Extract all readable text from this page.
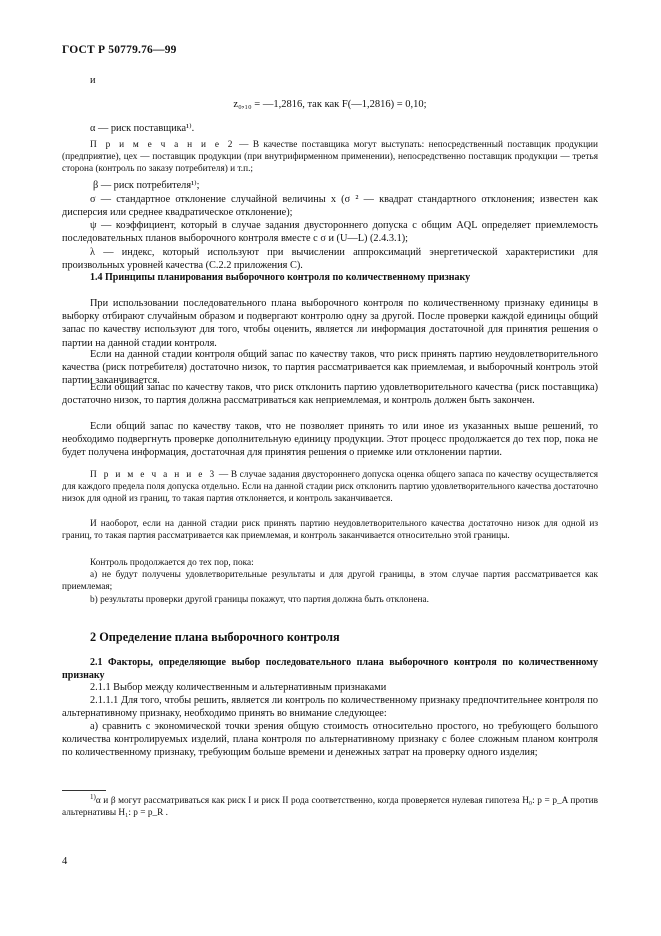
ГОСТ Р 50779.76—99
и
z₀,₁₀ = —1,2816, так как F(—1,2816) = 0,10;
α — риск поставщика¹⁾.
П р и м е ч а н и е 2 — В качестве поставщика могут выступать: непосредственный поставщик продукции (предприятие), цех — поставщик продукции (при внутрифирменном применении), непосредственно поставщик продукции — третья сторона (контроль по заказу потребителя) и т.п.;
β — риск потребителя¹⁾;
σ — стандартное отклонение случайной величины x (σ ² — квадрат стандартного отклонения; известен как дисперсия или среднее квадратическое отклонение);
ψ — коэффициент, который в случае задания двустороннего допуска с общим AQL определяет приемлемость последовательных планов выборочного контроля вместе с σ и (U—L) (2.4.3.1);
λ — индекс, который используют при вычислении аппроксимаций энергетической характеристики для произвольных уровней качества (С.2.2 приложения С).
1.4 Принципы планирования выборочного контроля по количественному признаку
При использовании последовательного плана выборочного контроля по количественному признаку единицы в выборку отбирают случайным образом и подвергают контролю одну за другой. После проверки каждой единицы общий запас по качеству используют для того, чтобы оценить, является ли информация достаточной для принятия решения о партии на данной стадии контроля.
Если на данной стадии контроля общий запас по качеству таков, что риск принять партию неудовлетворительного качества (риск потребителя) достаточно низок, то партия рассматривается как приемлемая, и выборочный контроль этой партии заканчивается.
Если общий запас по качеству таков, что риск отклонить партию удовлетворительного качества (риск поставщика) достаточно низок, то партия должна рассматриваться как неприемлемая, и контроль должен быть закончен.
Если общий запас по качеству таков, что не позволяет принять то или иное из указанных выше решений, то необходимо подвергнуть проверке дополнительную единицу продукции. Этот процесс продолжается до тех пор, пока не будет получена информация, достаточная для принятия решения о приемке или отклонении партии.
П р и м е ч а н и е 3 — В случае задания двустороннего допуска оценка общего запаса по качеству осуществляется для каждого предела поля допуска отдельно. Если на данной стадии риск отклонить партию удовлетворительного качества достаточно низок для одной из границ, то такая партия отклоняется, и контроль заканчивается.
И наоборот, если на данной стадии риск принять партию неудовлетворительного качества достаточно низок для одной из границ, то такая партия рассматривается как приемлемая, и контроль заканчивается относительно этой границы.
Контроль продолжается до тех пор, пока:
а) не будут получены удовлетворительные результаты и для другой границы, в этом случае партия рассматривается как приемлемая;
b) результаты проверки другой границы покажут, что партия должна быть отклонена.
2 Определение плана выборочного контроля
2.1 Факторы, определяющие выбор последовательного плана выборочного контроля по количественному признаку
2.1.1 Выбор между количественным и альтернативным признаками
2.1.1.1 Для того, чтобы решить, является ли контроль по количественному признаку предпочтительнее контроля по альтернативному признаку, необходимо принять во внимание следующее:
а) сравнить с экономической точки зрения общую стоимость относительно простого, но требующего большого количества контролируемых изделий, плана контроля по альтернативному признаку с более сложным планом контроля по количественному признаку, требующим больше времени и денежных затрат на проверку одного изделия;
$^{1)}$α и β могут рассматриваться как риск I и риск II рода соответственно, когда проверяется нулевая гипотеза H₀: p = p_A против альтернативы H₁: p = p_R .
4
